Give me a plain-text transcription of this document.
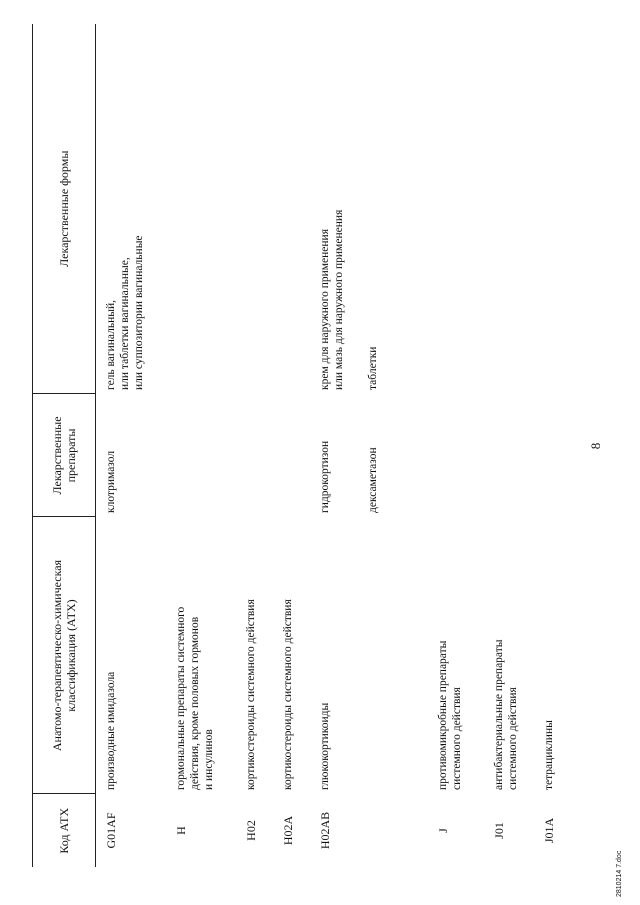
8
Код АТХ	Анатомо-терапевтическо-химическая классификация (АТХ)	Лекарственные препараты	Лекарственные формы
G01AF	производные имидазола	клотримазол	гель вагинальный, или таблетки вагинальные, или суппозитории вагинальные

H	гормональные препараты системного действия, кроме половых гормонов и инсулинов		

H02	кортикостероиды системного действия		

H02A	кортикостероиды системного действия		

H02AB	глюкокортикоиды	гидрокортизон	крем для наружного применения или мазь для наружного применения

		дексаметазон	таблетки

J	противомикробные препараты системного действия		

J01	антибактериальные препараты системного действия		

J01A	тетрациклины		

2810214 7.doc
